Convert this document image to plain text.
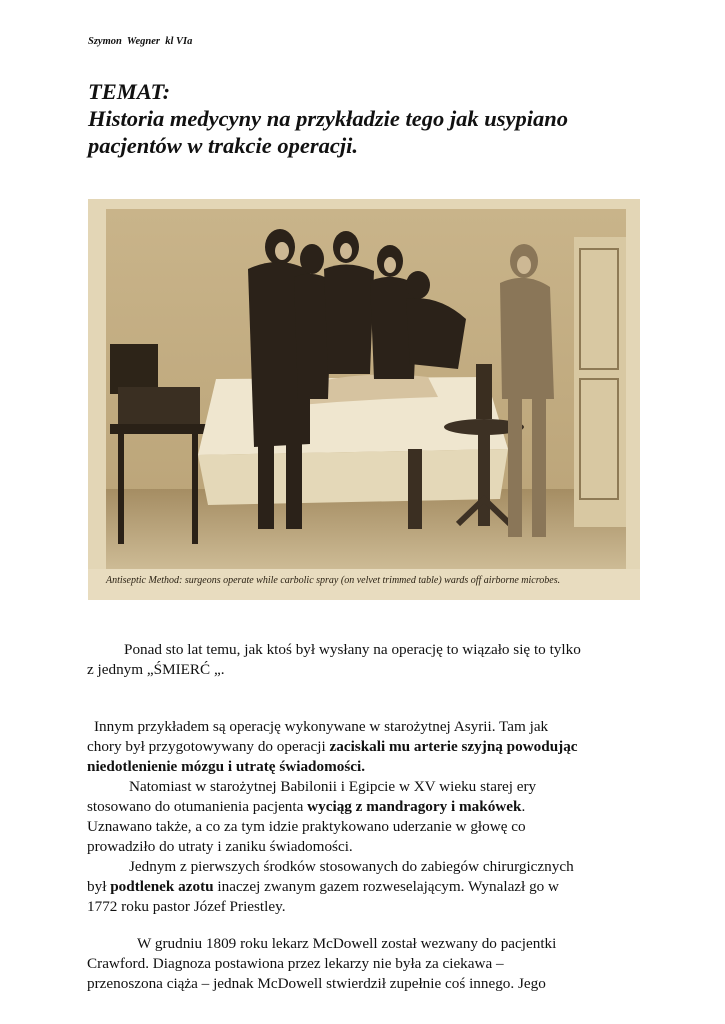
Szymon  Wegner  kl VIa
TEMAT:
Historia medycyny na przykładzie tego jak usypiano
pacjentów w trakcie operacji.
Antiseptic Method: surgeons operate while carbolic spray (on velvet trimmed table) wards off airborne microbes.
Ponad sto lat temu, jak ktoś był wysłany na operację to wiązało się to tylko
z jednym „ŚMIERĆ „.
Innym przykładem są operację wykonywane w starożytnej Asyrii. Tam jak
chory był przygotowywany do operacji zaciskali mu arterie szyjną powodując
niedotlenienie mózgu i utratę świadomości.
Natomiast w starożytnej Babilonii i Egipcie w XV wieku starej ery
stosowano do otumanienia pacjenta wyciąg z mandragory i makówek.
Uznawano także, a co za tym idzie praktykowano uderzanie w głowę co
prowadziło do utraty i zaniku świadomości.
Jednym z pierwszych środków stosowanych do zabiegów chirurgicznych
był podtlenek azotu inaczej zwanym gazem rozweselającym. Wynalazł go w
1772 roku pastor Józef Priestley.
W grudniu 1809 roku lekarz McDowell został wezwany do pacjentki
Crawford. Diagnoza postawiona przez lekarzy nie była za ciekawa –
przenoszona ciąża – jednak McDowell stwierdził zupełnie coś innego. Jego
